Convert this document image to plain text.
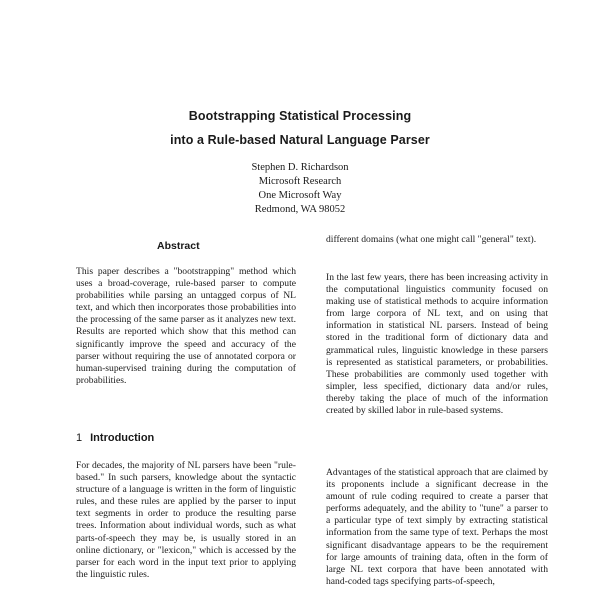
Bootstrapping Statistical Processing
into a Rule-based Natural Language Parser
Stephen D. Richardson
Microsoft Research
One Microsoft Way
Redmond, WA 98052
Abstract

This paper describes a "bootstrapping" method which uses a broad-coverage, rule-based parser to compute probabilities while parsing an untagged corpus of NL text, and which then incorporates those probabilities into the processing of the same parser as it analyzes new text. Results are reported which show that this method can significantly improve the speed and accuracy of the parser without requiring the use of annotated corpora or human-supervised training during the computation of probabilities.

1 Introduction

For decades, the majority of NL parsers have been "rule-based." In such parsers, knowledge about the syntactic structure of a language is written in the form of linguistic rules, and these rules are applied by the parser to input text segments in order to produce the resulting parse trees. Information about individual words, such as what parts-of-speech they may be, is usually stored in an online dictionary, or "lexicon," which is accessed by the parser for each word in the input text prior to applying the linguistic rules.

different domains (what one might call "general" text).

In the last few years, there has been increasing activity in the computational linguistics community focused on making use of statistical methods to acquire information from large corpora of NL text, and on using that information in statistical NL parsers. Instead of being stored in the traditional form of dictionary data and grammatical rules, linguistic knowledge in these parsers is represented as statistical parameters, or probabilities. These probabilities are commonly used together with simpler, less specified, dictionary data and/or rules, thereby taking the place of much of the information created by skilled labor in rule-based systems.

Advantages of the statistical approach that are claimed by its proponents include a significant decrease in the amount of rule coding required to create a parser that performs adequately, and the ability to "tune" a parser to a particular type of text simply by extracting statistical information from the same type of text. Perhaps the most significant disadvantage appears to be the requirement for large amounts of training data, often in the form of large NL text corpora that have been annotated with hand-coded tags specifying parts-of-speech,
